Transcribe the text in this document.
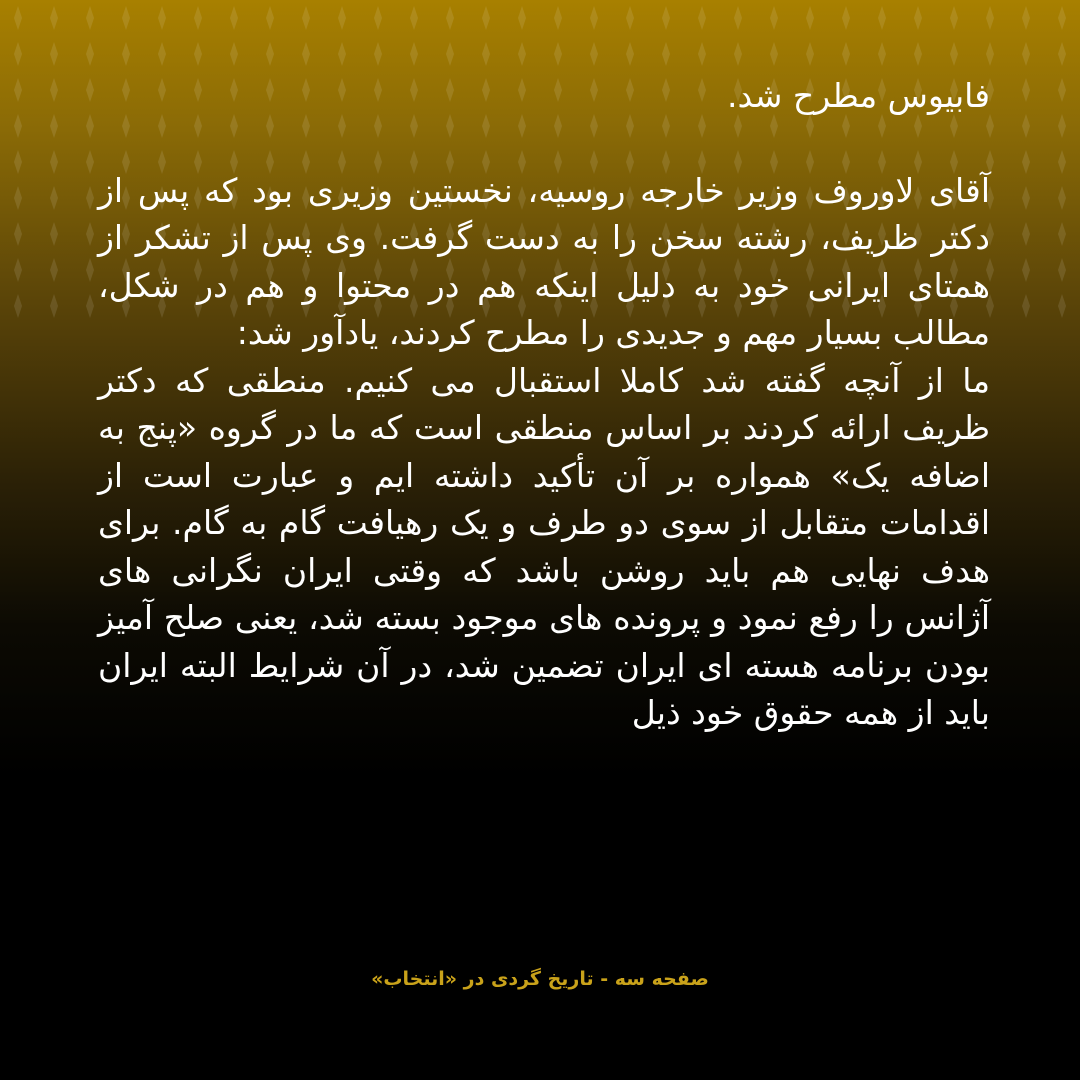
فابیوس مطرح شد.

آقای لاوروف وزیر خارجه روسیه، نخستین وزیری بود که پس از دکتر ظریف، رشته سخن را به دست گرفت. وی پس از تشکر از همتای ایرانی خود به دلیل اینکه هم در محتوا و هم در شکل، مطالب بسیار مهم و جدیدی را مطرح کردند، یادآور شد:

ما از آنچه گفته شد کاملا استقبال می کنیم. منطقی که دکتر ظریف ارائه کردند بر اساس منطقی است که ما در گروه «پنج به اضافه یک» همواره بر آن تأکید داشته ایم و عبارت است از اقدامات متقابل از سوی دو طرف و یک رهیافت گام به گام. برای هدف نهایی هم باید روشن باشد که وقتی ایران نگرانی های آژانس را رفع نمود و پرونده های موجود بسته شد، یعنی صلح آمیز بودن برنامه هسته ای ایران تضمین شد، در آن شرایط البته ایران باید از همه حقوق خود ذیل

صفحه سه - تاریخ گردی در «انتخاب»
